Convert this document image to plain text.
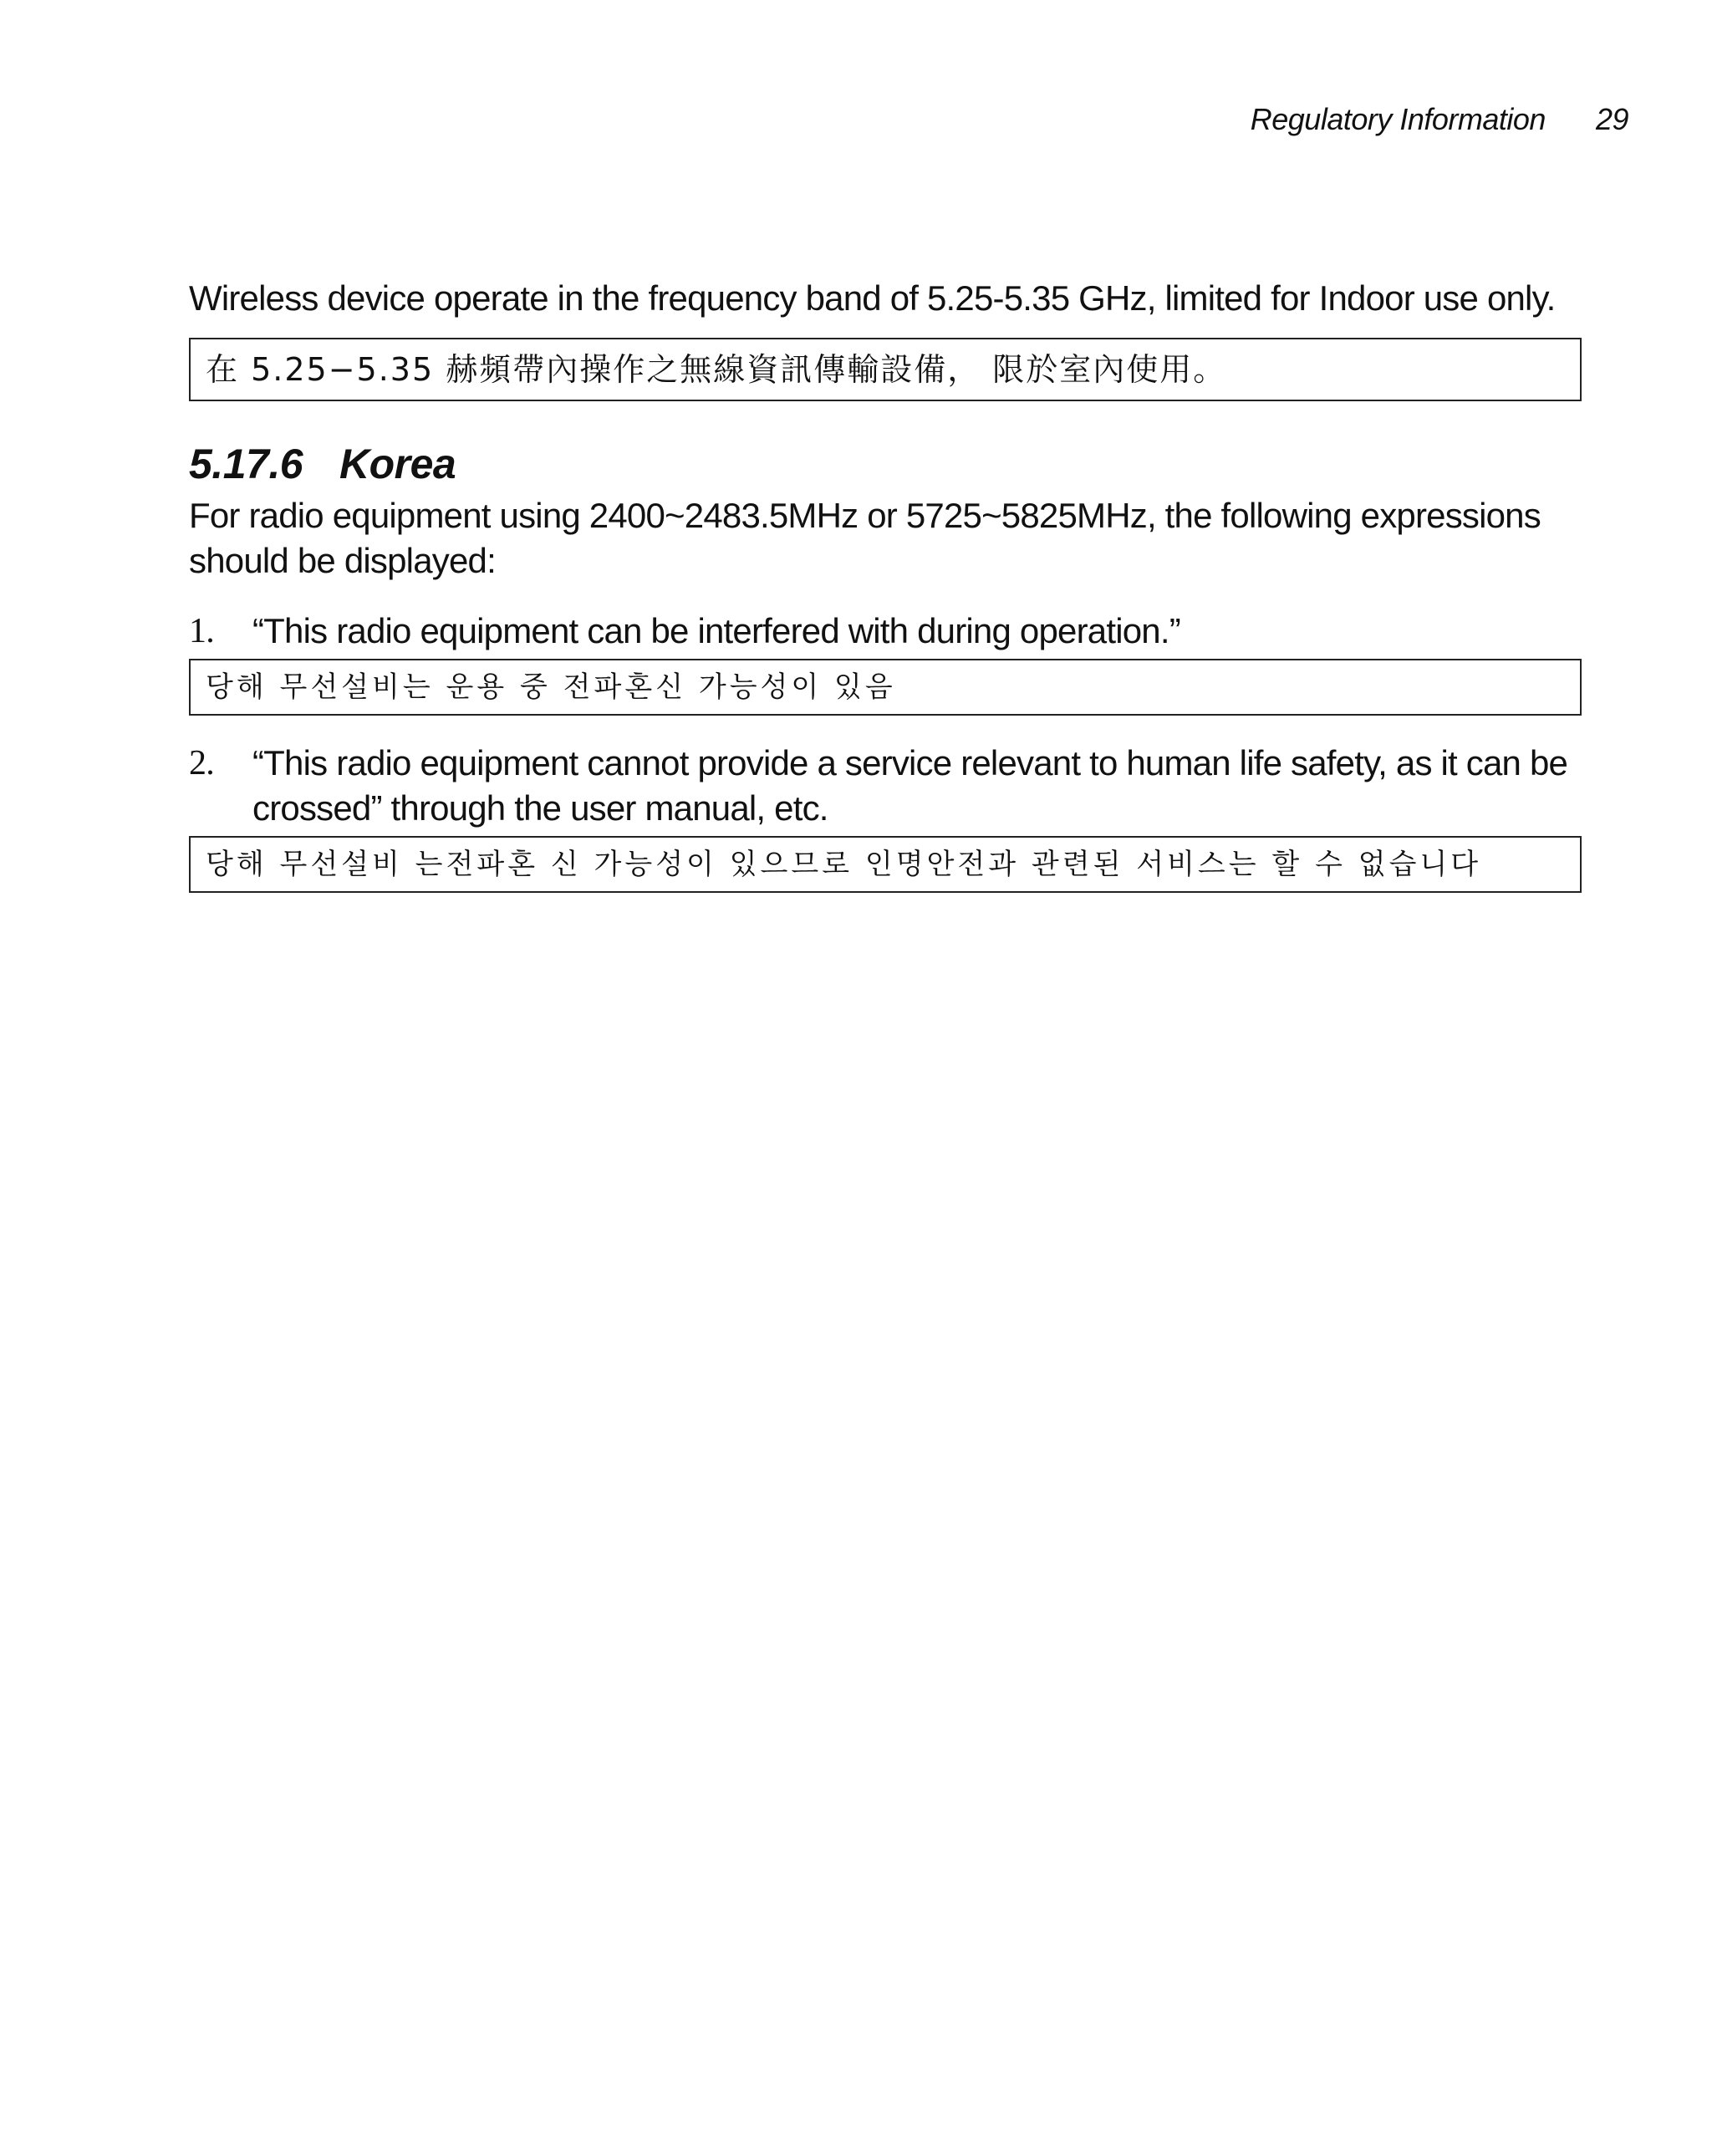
Regulatory Information 29
Wireless device operate in the frequency band of 5.25-5.35 GHz, limited for Indoor use only.
在 5.25−5.35 赫頻帶內操作之無線資訊傳輸設備， 限於室內使用。
5.17.6 Korea
For radio equipment using 2400~2483.5MHz or 5725~5825MHz, the following expressions should be displayed:
1.	“This radio equipment can be interfered with during operation.”
당해 무선설비는 운용 중 전파혼신 가능성이 있음
2.	“This radio equipment cannot provide a service relevant to human life safety, as it can be crossed” through the user manual, etc.
당해 무선설비 는전파혼 신 가능성이 있으므로 인명안전과 관련된 서비스는 할 수 없습니다
